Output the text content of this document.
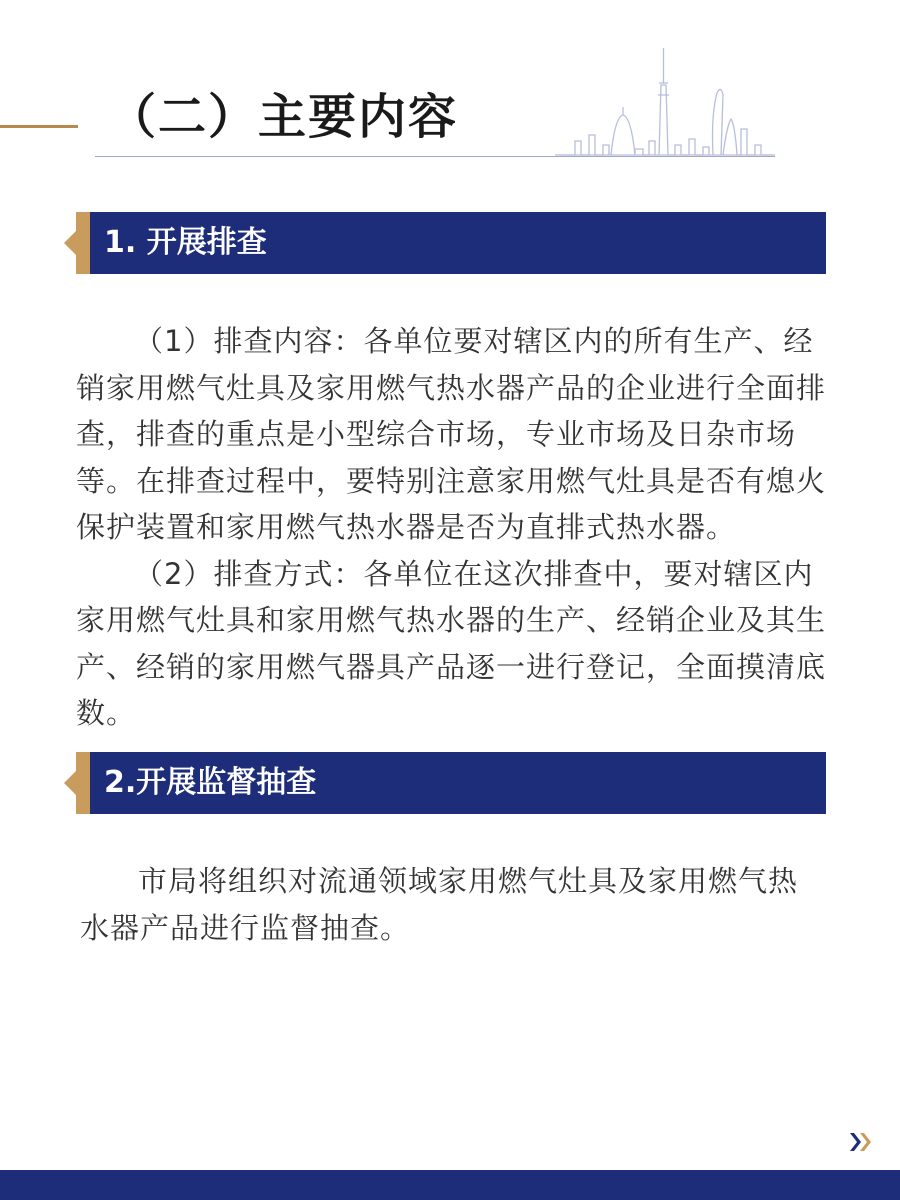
（二）主要内容
1. 开展排查

（1）排查内容：各单位要对辖区内的所有生产、经销家用燃气灶具及家用燃气热水器产品的企业进行全面排查，排查的重点是小型综合市场，专业市场及日杂市场等。在排查过程中，要特别注意家用燃气灶具是否有熄火保护装置和家用燃气热水器是否为直排式热水器。

（2）排查方式：各单位在这次排查中，要对辖区内家用燃气灶具和家用燃气热水器的生产、经销企业及其生产、经销的家用燃气器具产品逐一进行登记，全面摸清底数。

2.开展监督抽查

市局将组织对流通领域家用燃气灶具及家用燃气热水器产品进行监督抽查。
